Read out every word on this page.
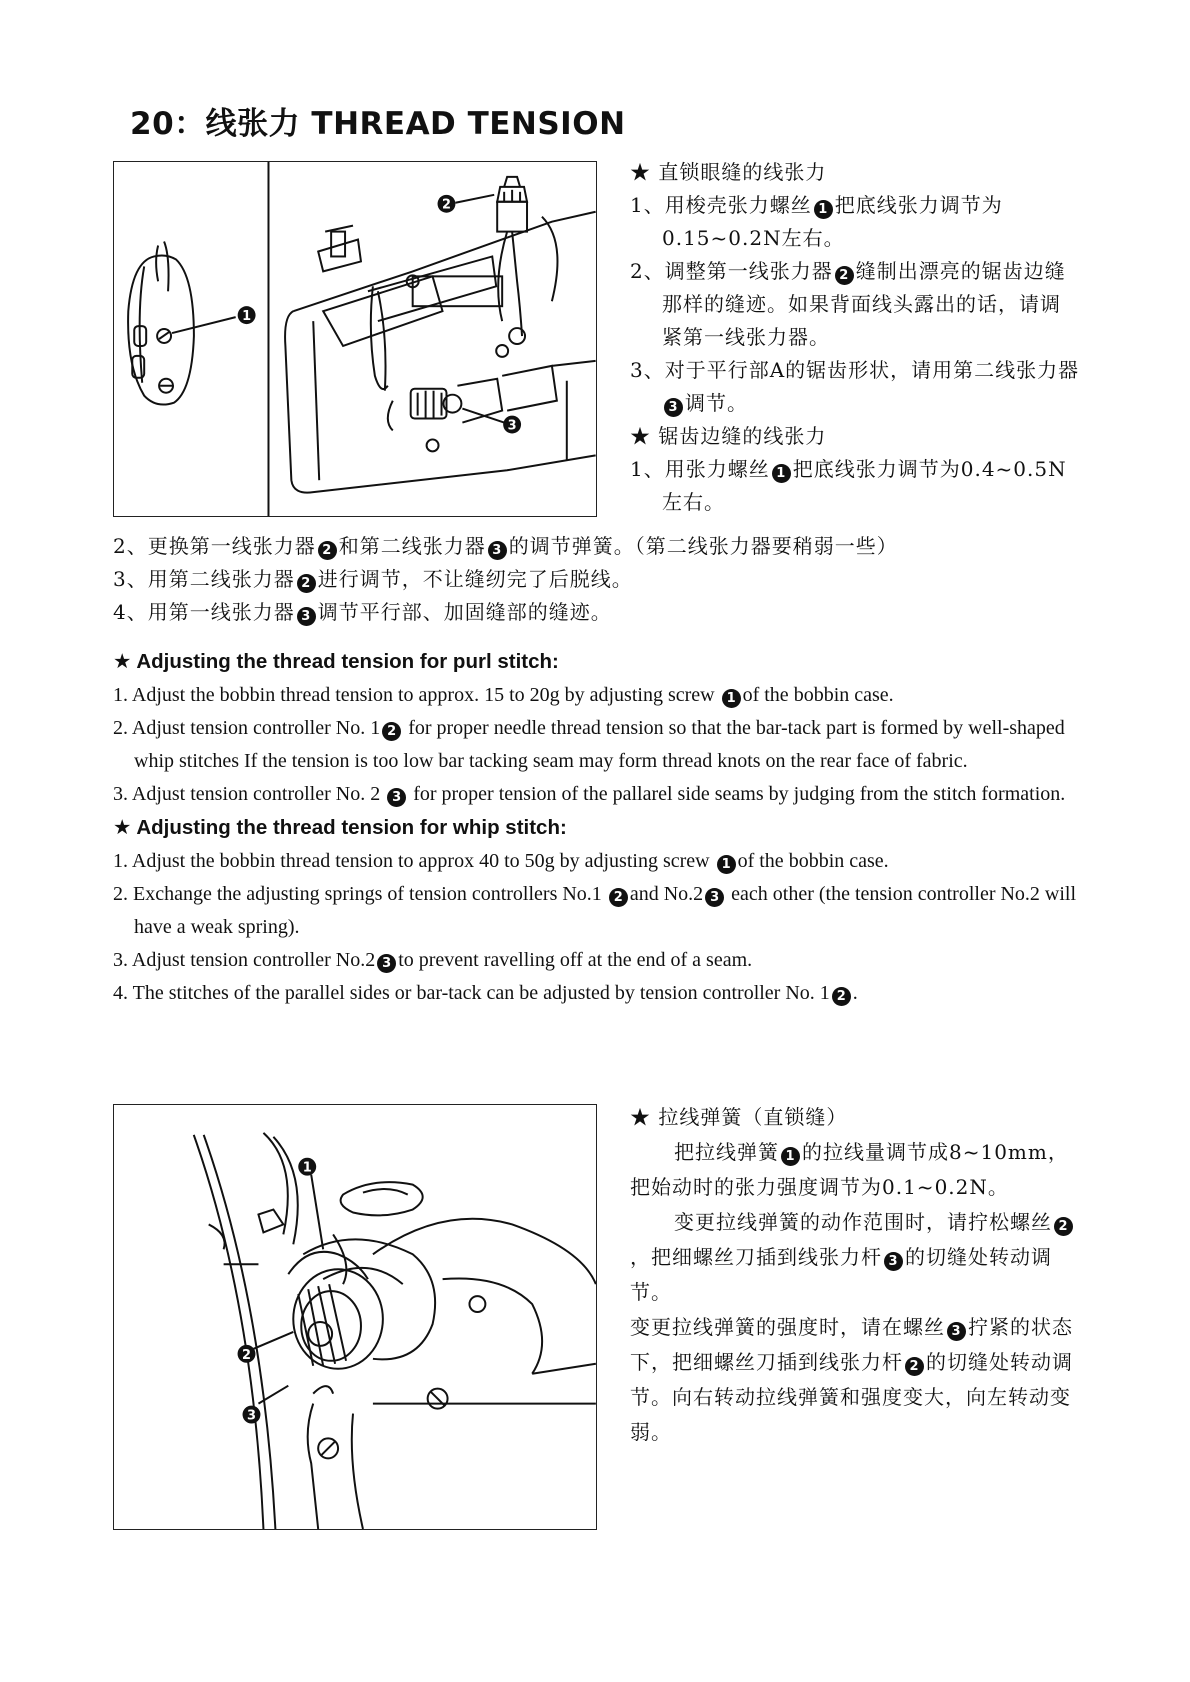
20：线张力 THREAD TENSION
1
2
3

★ 直锁眼缝的线张力

1、用梭壳张力螺丝 1 把底线张力调节为0.15~0.2N左右。

2、调整第一线张力器 2 缝制出漂亮的锯齿边缝那样的缝迹。如果背面线头露出的话，请调紧第一线张力器。

3、对于平行部A的锯齿形状，请用第二线张力器3 调节。

★ 锯齿边缝的线张力

1、用张力螺丝 1 把底线张力调节为0.4~0.5N左右。

2、更换第一线张力器 2 和第二线张力器 3 的调节弹簧。（第二线张力器要稍弱一些）

3、用第二线张力器 2 进行调节，不让缝纫完了后脱线。

4、用第一线张力器 3 调节平行部、加固缝部的缝迹。

★ Adjusting the thread tension for purl stitch:

1. Adjust the bobbin thread tension to approx. 15 to 20g by adjusting screw 1 of the bobbin case.

2. Adjust tension controller No. 1 2 for proper needle thread tension so that the bar-tack part is formed by well-shaped whip stitches If the tension is too low bar tacking seam may form thread knots on the rear face of fabric.

3. Adjust tension controller No. 2 3 for proper tension of the pallarel side seams by judging from the stitch formation.

★ Adjusting the thread tension for whip stitch:

1. Adjust the bobbin thread tension to approx 40 to 50g by adjusting screw 1 of the bobbin case.

2. Exchange the adjusting springs of tension controllers No.1 2 and No.2 3 each other (the tension controller No.2 will have a weak spring).

3. Adjust tension controller No.2 3 to prevent ravelling off at the end of a seam.

4. The stitches of the parallel sides or bar-tack can be adjusted by tension controller No. 1 2 .

1
2
3

★ 拉线弹簧（直锁缝）

把拉线弹簧 1 的拉线量调节成8~10mm，把始动时的张力强度调节为0.1~0.2N。

变更拉线弹簧的动作范围时，请拧松螺丝 2，把细螺丝刀插到线张力杆 3 的切缝处转动调节。

变更拉线弹簧的强度时，请在螺丝 3 拧紧的状态下，把细螺丝刀插到线张力杆 2 的切缝处转动调节。向右转动拉线弹簧和强度变大，向左转动变弱。
